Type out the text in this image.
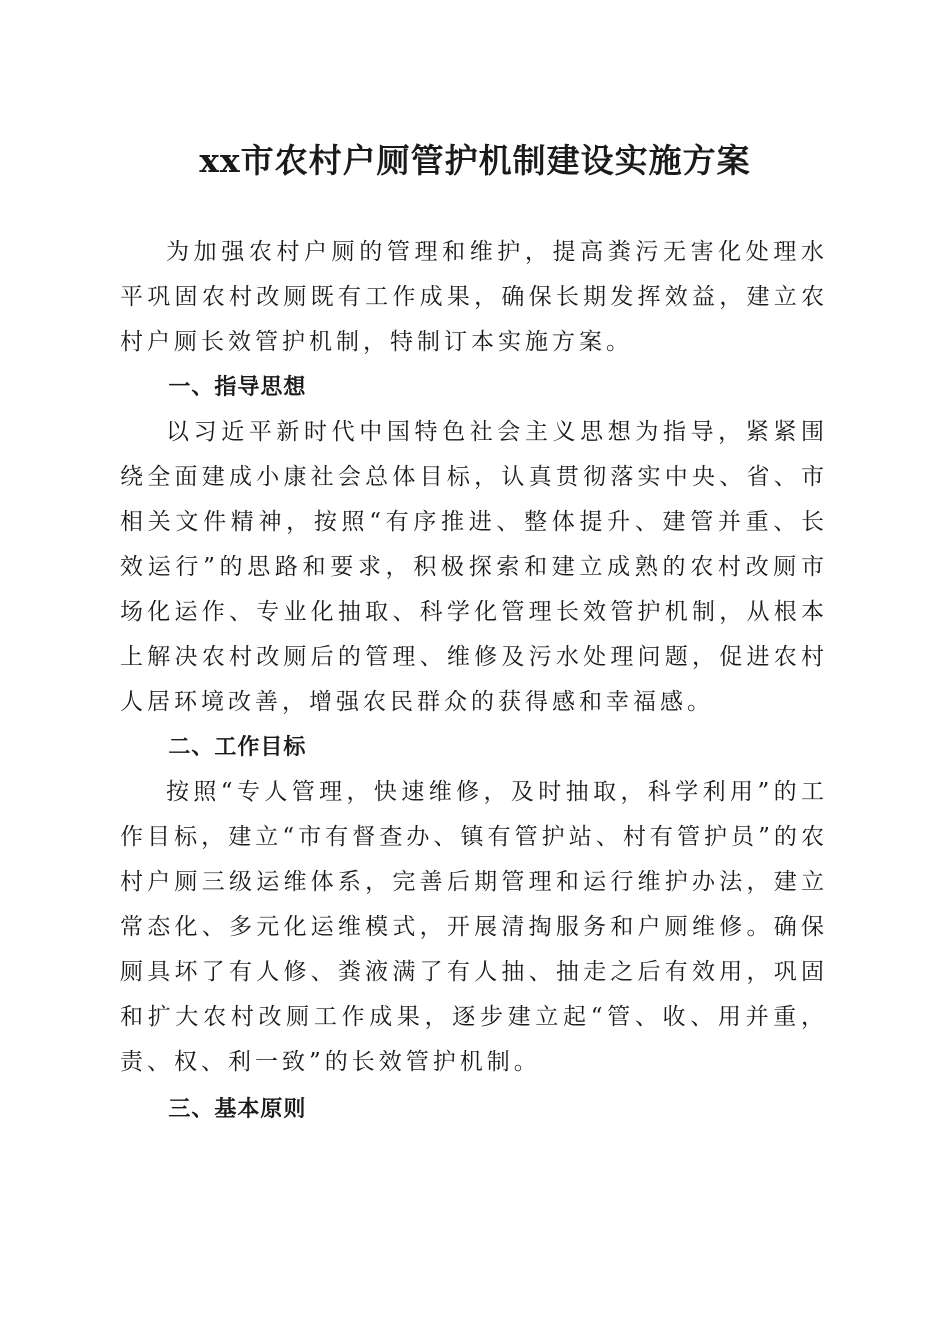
xx市农村户厕管护机制建设实施方案

为加强农村户厕的管理和维护，提高粪污无害化处理水平巩固农村改厕既有工作成果，确保长期发挥效益，建立农村户厕长效管护机制，特制订本实施方案。

一、指导思想

以习近平新时代中国特色社会主义思想为指导，紧紧围绕全面建成小康社会总体目标，认真贯彻落实中央、省、市相关文件精神，按照“有序推进、整体提升、建管并重、长效运行”的思路和要求，积极探索和建立成熟的农村改厕市场化运作、专业化抽取、科学化管理长效管护机制，从根本上解决农村改厕后的管理、维修及污水处理问题，促进农村人居环境改善，增强农民群众的获得感和幸福感。

二、工作目标

按照“专人管理，快速维修，及时抽取，科学利用”的工作目标，建立“市有督查办、镇有管护站、村有管护员”的农村户厕三级运维体系，完善后期管理和运行维护办法，建立常态化、多元化运维模式，开展清掏服务和户厕维修。确保厕具坏了有人修、粪液满了有人抽、抽走之后有效用，巩固和扩大农村改厕工作成果，逐步建立起“管、收、用并重，责、权、利一致”的长效管护机制。

三、基本原则
